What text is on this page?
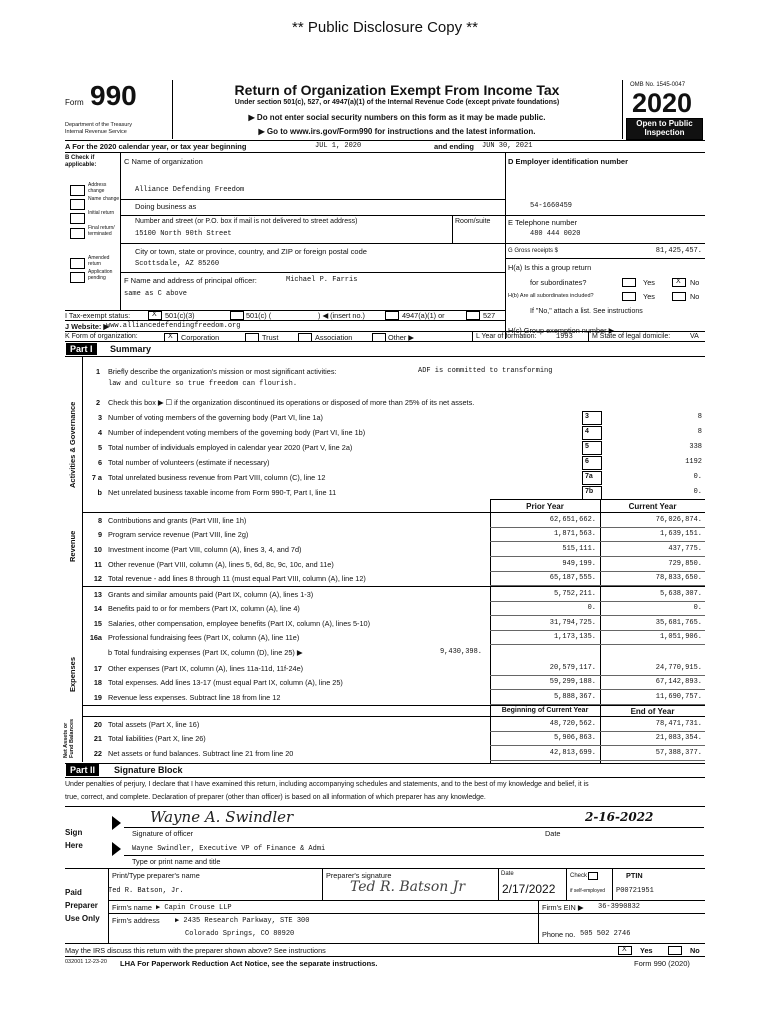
** Public Disclosure Copy **
Form 990
Department of the Treasury
Internal Revenue Service
Return of Organization Exempt From Income Tax
Under section 501(c), 527, or 4947(a)(1) of the Internal Revenue Code (except private foundations)
▶ Do not enter social security numbers on this form as it may be made public.
▶ Go to www.irs.gov/Form990 for instructions and the latest information.
OMB No. 1545-0047
2020
Open to Public
Inspection
A For the 2020 calendar year, or tax year beginning	JUL 1, 2020	and ending JUN 30, 2021
B Check if applicable:
Address change
Name change
Initial return
Final return/ terminated
Amended return
Application pending
C Name of organization
Alliance Defending Freedom
Doing business as
Number and street (or P.O. box if mail is not delivered to street address)	Room/suite
15100 North 90th Street
City or town, state or province, country, and ZIP or foreign postal code
Scottsdale, AZ 85260
F Name and address of principal officer:	Michael P. Farris
same as C above
D Employer identification number
54-1660459
E Telephone number
480 444 0020
G Gross receipts $	81,425,457.
H(a) Is this a group return
for subordinates?	Yes	X No
H(b) Are all subordinates included?	Yes	No
If "No," attach a list. See instructions
H(c) Group exemption number ▶
I Tax-exempt status:	X 501(c)(3)	501(c) (	) ◀ (insert no.)	4947(a)(1) or	527
J Website: ▶
www.alliancedefendingfreedom.org
K Form of organization:	X Corporation	Trust	Association	Other ▶	L Year of formation:	1993	M State of legal domicile:	VA
Part I	Summary
Activities & Governance
Revenue
Expenses
Net Assets or Fund Balances
1 Briefly describe the organization's mission or most significant activities:	ADF is committed to transforming
law and culture so true freedom can flourish.
2 Check this box ▶ ☐ if the organization discontinued its operations or disposed of more than 25% of its net assets.
3 Number of voting members of the governing body (Part VI, line 1a)	3	8
4 Number of independent voting members of the governing body (Part VI, line 1b)	4	8
5 Total number of individuals employed in calendar year 2020 (Part V, line 2a)	5	338
6 Total number of volunteers (estimate if necessary)	6	1192
7 a Total unrelated business revenue from Part VIII, column (C), line 12	7a	0.
b Net unrelated business taxable income from Form 990-T, Part I, line 11	7b	0.
Prior Year	Current Year
8 Contributions and grants (Part VIII, line 1h)	62,651,662.	76,026,874.
9 Program service revenue (Part VIII, line 2g)	1,871,563.	1,639,151.
10 Investment income (Part VIII, column (A), lines 3, 4, and 7d)	515,111.	437,775.
11 Other revenue (Part VIII, column (A), lines 5, 6d, 8c, 9c, 10c, and 11e)	949,199.	729,850.
12 Total revenue - add lines 8 through 11 (must equal Part VIII, column (A), line 12)	65,187,555.	78,833,650.
13 Grants and similar amounts paid (Part IX, column (A), lines 1-3)	5,752,211.	5,638,307.
14 Benefits paid to or for members (Part IX, column (A), line 4)	0.	0.
15 Salaries, other compensation, employee benefits (Part IX, column (A), lines 5-10)	31,794,725.	35,681,765.
16a Professional fundraising fees (Part IX, column (A), line 11e)	1,173,135.	1,051,906.
b Total fundraising expenses (Part IX, column (D), line 25) ▶	9,430,398.
17 Other expenses (Part IX, column (A), lines 11a-11d, 11f-24e)	20,579,117.	24,770,915.
18 Total expenses. Add lines 13-17 (must equal Part IX, column (A), line 25)	59,299,188.	67,142,893.
19 Revenue less expenses. Subtract line 18 from line 12	5,888,367.	11,690,757.
Beginning of Current Year	End of Year
20 Total assets (Part X, line 16)	48,720,562.	78,471,731.
21 Total liabilities (Part X, line 26)	5,906,863.	21,083,354.
22 Net assets or fund balances. Subtract line 21 from line 20	42,813,699.	57,388,377.
Part II	Signature Block
Under penalties of perjury, I declare that I have examined this return, including accompanying schedules and statements, and to the best of my knowledge and belief, it is
true, correct, and complete. Declaration of preparer (other than officer) is based on all information of which preparer has any knowledge.
Sign
Here
Wayne A. Swindler
Signature of officer
2-16-2022
Date
Wayne Swindler, Executive VP of Finance & Admi
Type or print name and title
Paid
Preparer
Use Only
Print/Type preparer's name	Preparer's signature	Date	Check
if self-employed
PTIN
Ted R. Batson, Jr.	Ted R. Batson Jr	2/17/2022	P00721951
Firm's name ▶ Capin Crouse LLP	Firm's EIN ▶ 36-3990832
Firm's address ▶ 2435 Research Parkway, STE 300
Colorado Springs, CO 80920	Phone no. 505 502 2746
May the IRS discuss this return with the preparer shown above? See instructions	X Yes	No
032001 12-23-20 LHA For Paperwork Reduction Act Notice, see the separate instructions.	Form 990 (2020)
